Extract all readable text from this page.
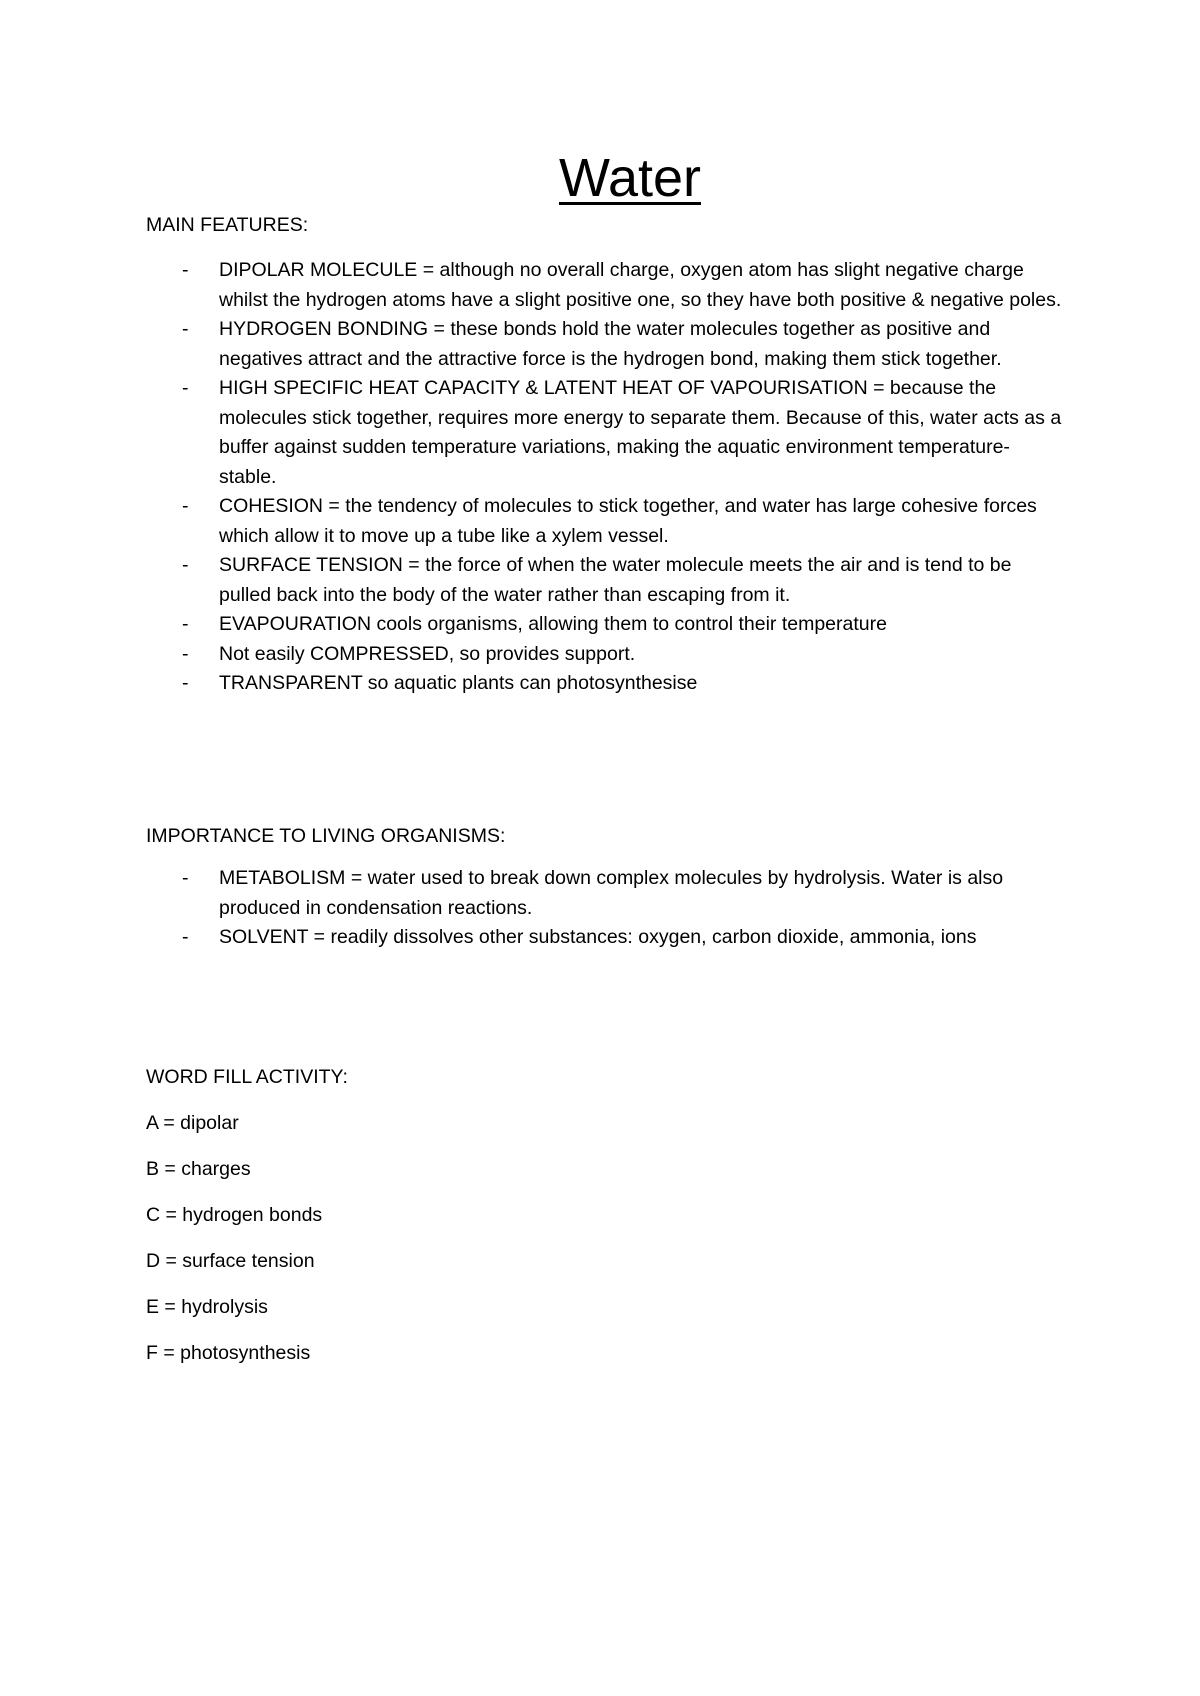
Water
MAIN FEATURES:
- DIPOLAR MOLECULE = although no overall charge, oxygen atom has slight negative charge whilst the hydrogen atoms have a slight positive one, so they have both positive & negative poles.
- HYDROGEN BONDING = these bonds hold the water molecules together as positive and negatives attract and the attractive force is the hydrogen bond, making them stick together.
- HIGH SPECIFIC HEAT CAPACITY & LATENT HEAT OF VAPOURISATION = because the molecules stick together, requires more energy to separate them. Because of this, water acts as a buffer against sudden temperature variations, making the aquatic environment temperature-stable.
- COHESION = the tendency of molecules to stick together, and water has large cohesive forces which allow it to move up a tube like a xylem vessel.
- SURFACE TENSION = the force of when the water molecule meets the air and is tend to be pulled back into the body of the water rather than escaping from it.
- EVAPOURATION cools organisms, allowing them to control their temperature
- Not easily COMPRESSED, so provides support.
- TRANSPARENT so aquatic plants can photosynthesise
IMPORTANCE TO LIVING ORGANISMS:
- METABOLISM = water used to break down complex molecules by hydrolysis. Water is also produced in condensation reactions.
- SOLVENT = readily dissolves other substances: oxygen, carbon dioxide, ammonia, ions
WORD FILL ACTIVITY:
A = dipolar
B = charges
C = hydrogen bonds
D = surface tension
E = hydrolysis
F = photosynthesis
